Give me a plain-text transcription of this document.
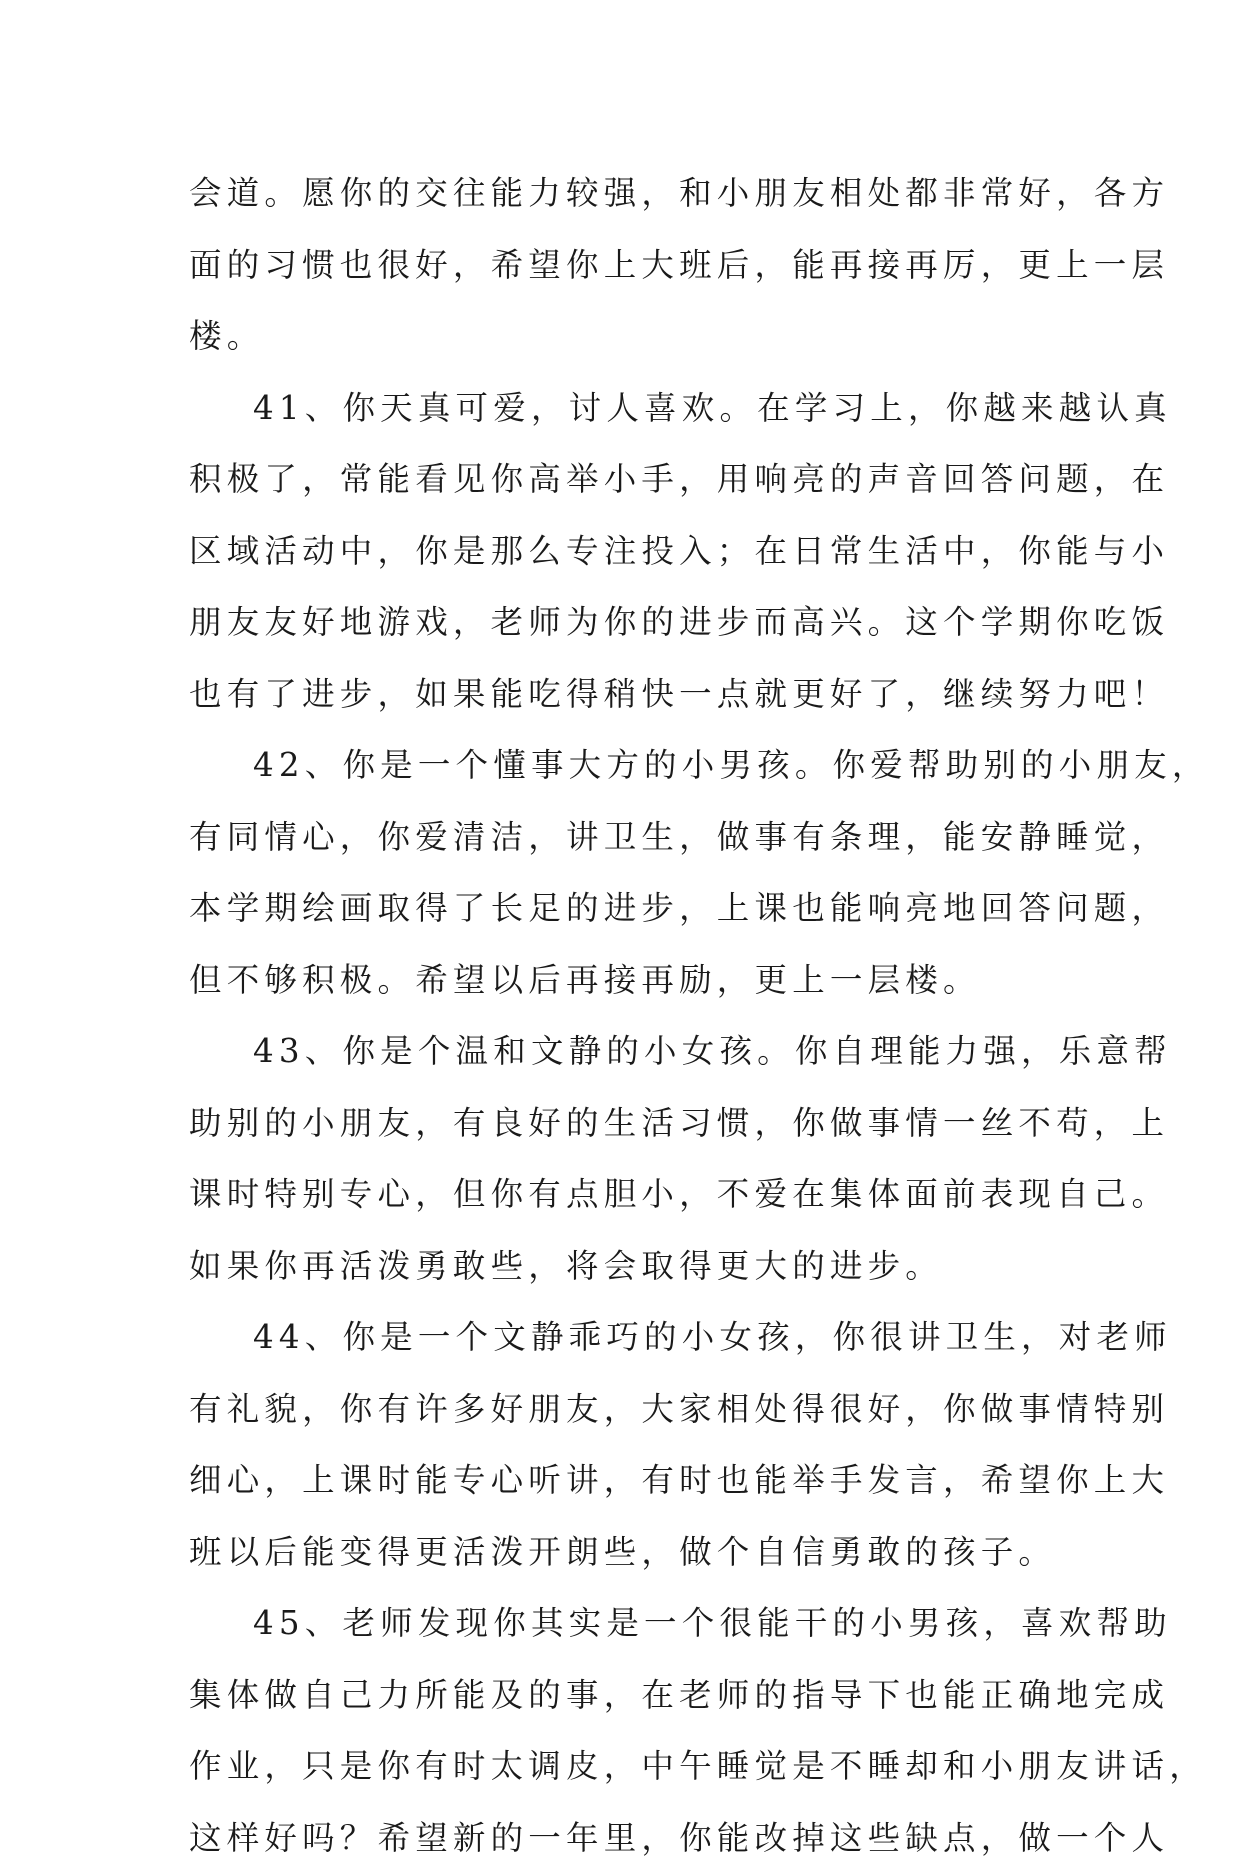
会道。愿你的交往能力较强，和小朋友相处都非常好，各方
面的习惯也很好，希望你上大班后，能再接再厉，更上一层
楼。
41、你天真可爱，讨人喜欢。在学习上，你越来越认真
积极了，常能看见你高举小手，用响亮的声音回答问题，在
区域活动中，你是那么专注投入；在日常生活中，你能与小
朋友友好地游戏，老师为你的进步而高兴。这个学期你吃饭
也有了进步，如果能吃得稍快一点就更好了，继续努力吧！
42、你是一个懂事大方的小男孩。你爱帮助别的小朋友，
有同情心，你爱清洁，讲卫生，做事有条理，能安静睡觉，
本学期绘画取得了长足的进步，上课也能响亮地回答问题，
但不够积极。希望以后再接再励，更上一层楼。
43、你是个温和文静的小女孩。你自理能力强，乐意帮
助别的小朋友，有良好的生活习惯，你做事情一丝不苟，上
课时特别专心，但你有点胆小，不爱在集体面前表现自己。
如果你再活泼勇敢些，将会取得更大的进步。
44、你是一个文静乖巧的小女孩，你很讲卫生，对老师
有礼貌，你有许多好朋友，大家相处得很好，你做事情特别
细心，上课时能专心听讲，有时也能举手发言，希望你上大
班以后能变得更活泼开朗些，做个自信勇敢的孩子。
45、老师发现你其实是一个很能干的小男孩，喜欢帮助
集体做自己力所能及的事，在老师的指导下也能正确地完成
作业，只是你有时太调皮，中午睡觉是不睡却和小朋友讲话，
这样好吗？希望新的一年里，你能改掉这些缺点，做一个人
